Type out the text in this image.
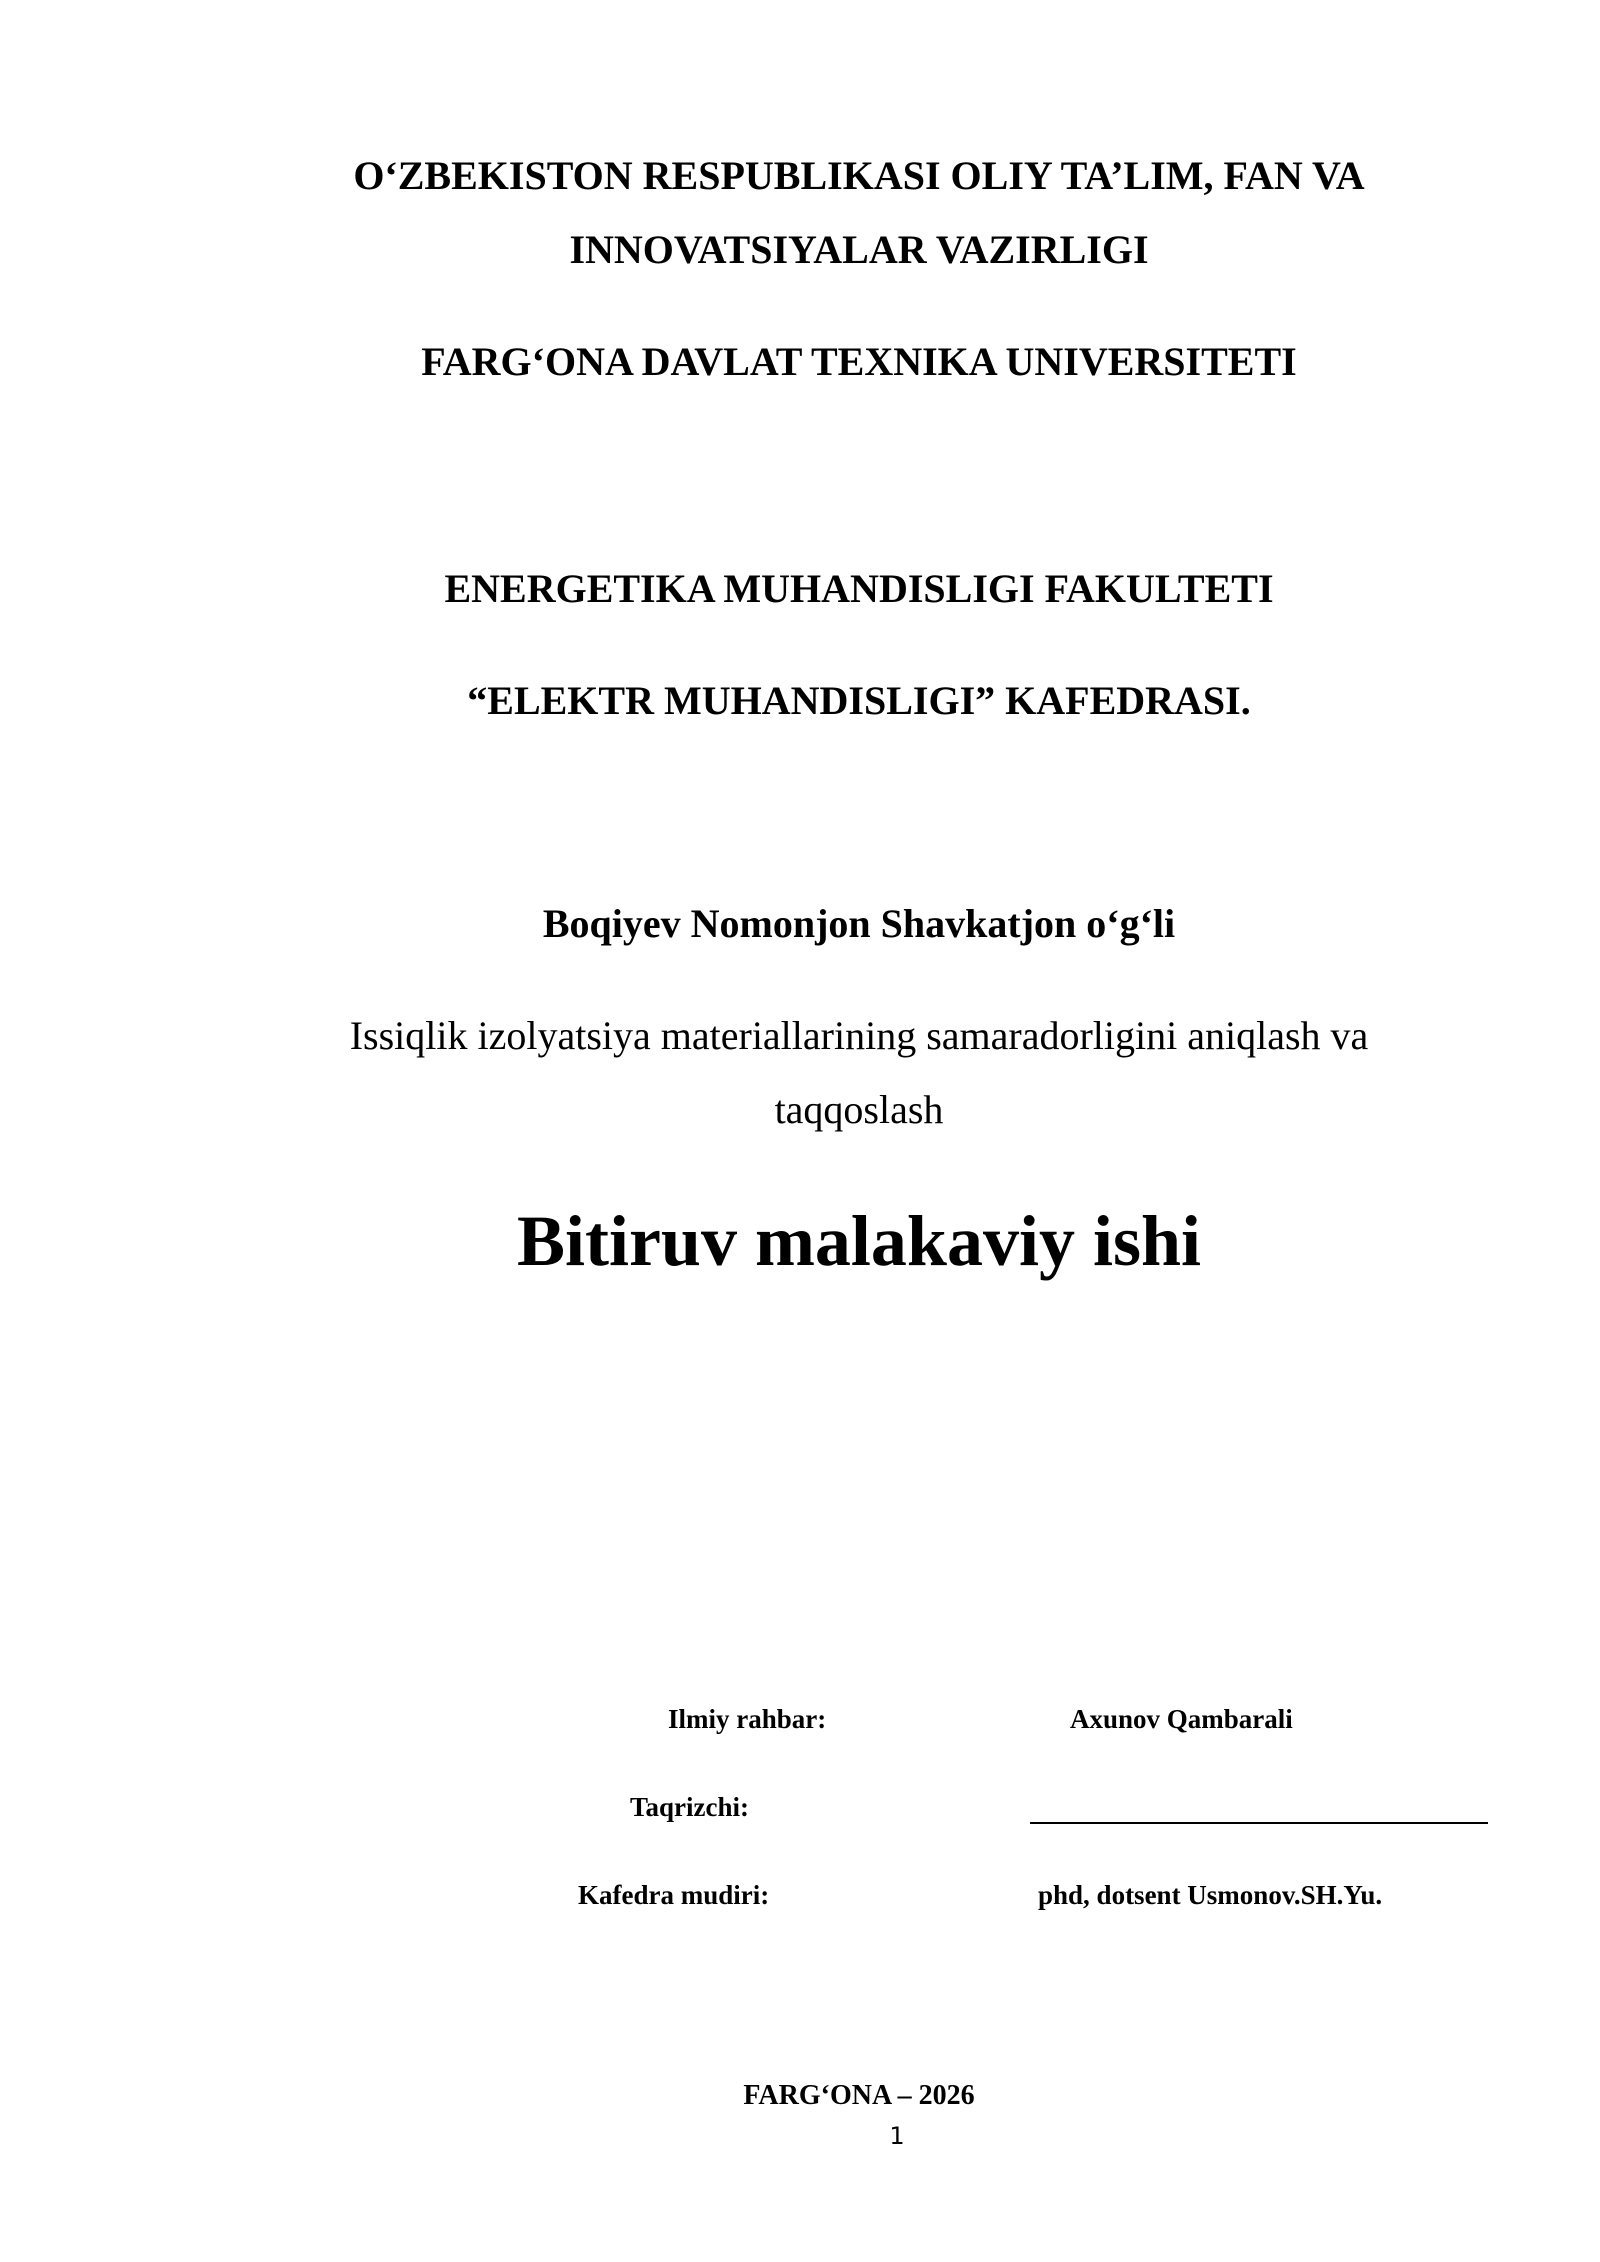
O‘ZBEKISTON RESPUBLIKASI OLIY TA’LIM, FAN VA
INNOVATSIYALAR VAZIRLIGI
FARG‘ONA DAVLAT TEXNIKA UNIVERSITETI
ENERGETIKA MUHANDISLIGI FAKULTETI
“ELEKTR MUHANDISLIGI” KAFEDRASI.
Boqiyev Nomonjon Shavkatjon o‘g‘li
Issiqlik izolyatsiya materiallarining samaradorligini aniqlash va
taqqoslash
Bitiruv malakaviy ishi
Ilmiy rahbar:	Axunov Qambarali
Taqrizchi:
Kafedra mudiri:	phd, dotsent Usmonov.SH.Yu.
FARG‘ONA – 2026
1
